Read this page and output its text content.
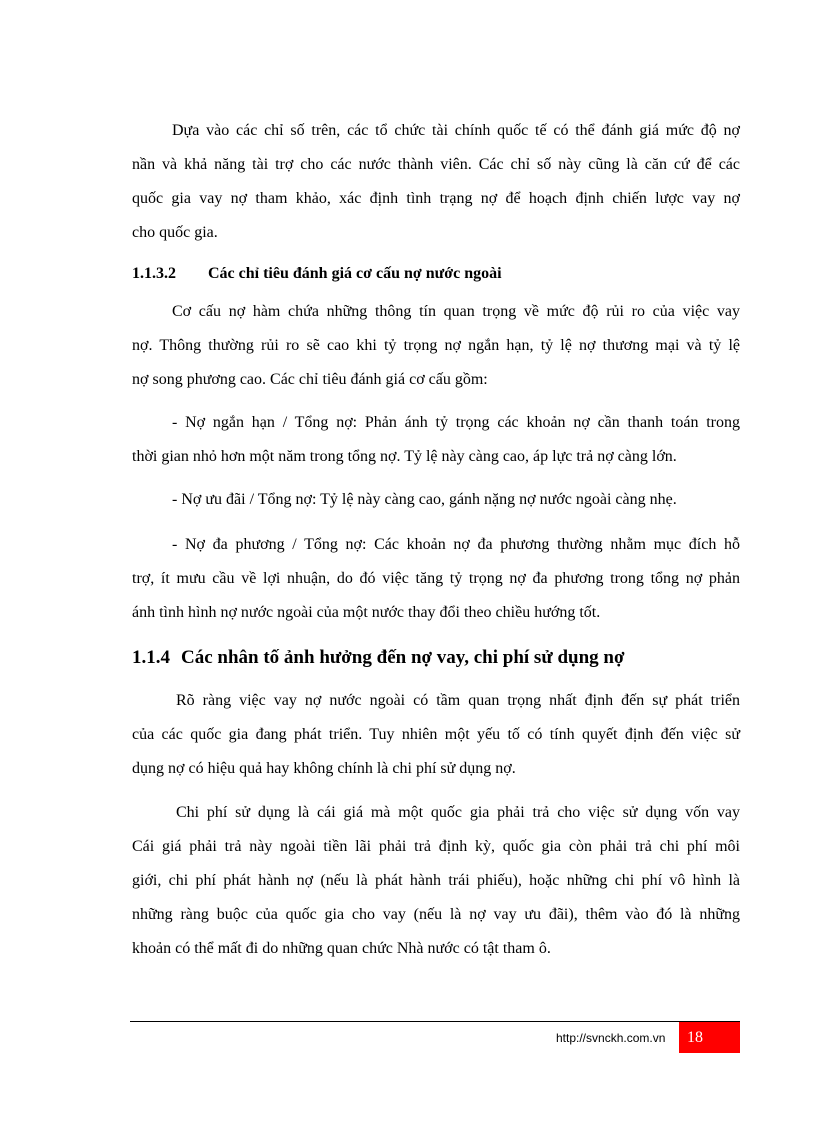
Dựa vào các chỉ số trên, các tổ chức tài chính quốc tế có thể đánh giá mức độ nợ
nần và khả năng tài trợ cho các nước thành viên. Các chỉ số này cũng là căn cứ để các
quốc gia vay nợ tham khảo, xác định tình trạng nợ để hoạch định chiến lược vay nợ
cho quốc gia.
1.1.3.2 Các chỉ tiêu đánh giá cơ cấu nợ nước ngoài
Cơ cấu nợ hàm chứa những thông tín quan trọng về mức độ rủi ro của việc vay
nợ. Thông thường rủi ro sẽ cao khi tỷ trọng nợ ngắn hạn, tỷ lệ nợ thương mại và tỷ lệ
nợ song phương cao. Các chỉ tiêu đánh giá cơ cấu gồm:
- Nợ ngắn hạn / Tổng nợ: Phản ánh tỷ trọng các khoản nợ cần thanh toán trong
thời gian nhỏ hơn một năm trong tổng nợ. Tỷ lệ này càng cao, áp lực trả nợ càng lớn.
- Nợ ưu đãi / Tổng nợ: Tỷ lệ này càng cao, gánh nặng nợ nước ngoài càng nhẹ.
- Nợ đa phương / Tổng nợ: Các khoản nợ đa phương thường nhằm mục đích hỗ
trợ, ít mưu cầu về lợi nhuận, do đó việc tăng tỷ trọng nợ đa phương trong tổng nợ phản
ánh tình hình nợ nước ngoài của một nước thay đổi theo chiều hướng tốt.
1.1.4 Các nhân tố ảnh hưởng đến nợ vay, chi phí sử dụng nợ
Rõ ràng việc vay nợ nước ngoài có tầm quan trọng nhất định đến sự phát triển
của các quốc gia đang phát triển. Tuy nhiên một yếu tố có tính quyết định đến việc sử
dụng nợ có hiệu quả hay không chính là chi phí sử dụng nợ.
Chi phí sử dụng là cái giá mà một quốc gia phải trả cho việc sử dụng vốn vay
Cái giá phải trả này ngoài tiền lãi phải trả định kỳ, quốc gia còn phải trả chi phí môi
giới, chi phí phát hành nợ (nếu là phát hành trái phiếu), hoặc những chi phí vô hình là
những ràng buộc của quốc gia cho vay (nếu là nợ vay ưu đãi), thêm vào đó là những
khoản có thể mất đi do những quan chức Nhà nước có tật tham ô.
http://svnckh.com.vn 18
